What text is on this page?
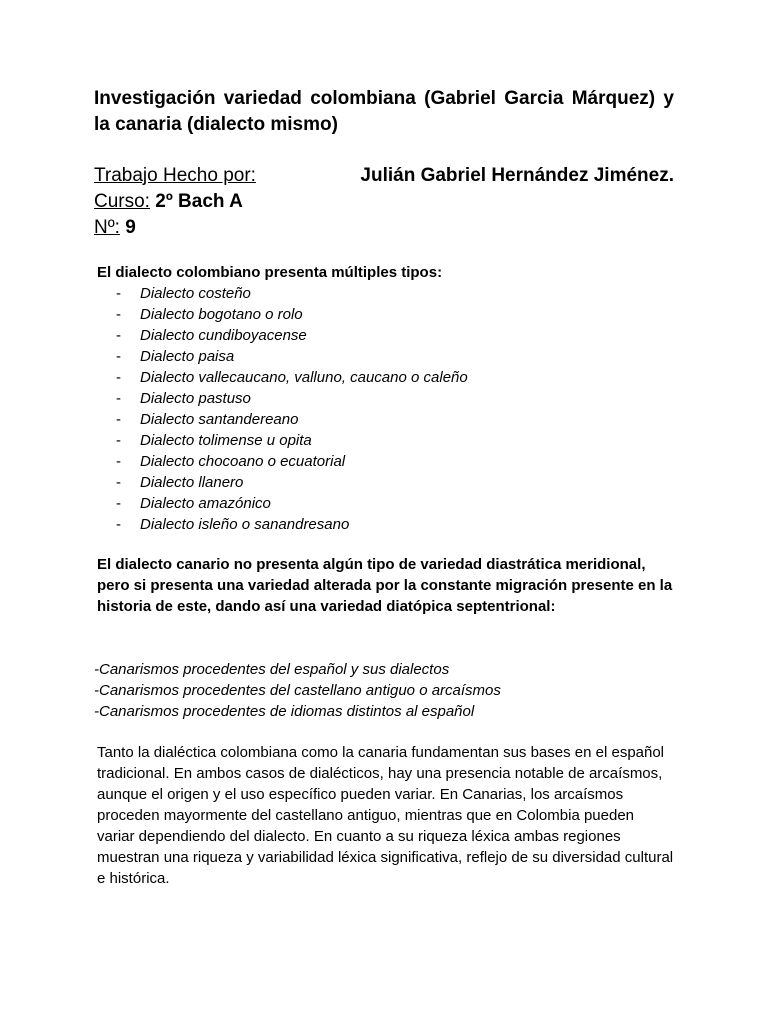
Investigación variedad colombiana (Gabriel Garcia Márquez) y la canaria (dialecto mismo)

Trabajo Hecho por:	Julián Gabriel Hernández Jiménez.
Curso: 2º Bach A
Nº: 9
El dialecto colombiano presenta múltiples tipos:
- Dialecto costeño
- Dialecto bogotano o rolo
- Dialecto cundiboyacense
- Dialecto paisa
- Dialecto vallecaucano, valluno, caucano o caleño
- Dialecto pastuso
- Dialecto santandereano
- Dialecto tolimense u opita
- Dialecto chocoano o ecuatorial
- Dialecto llanero
- Dialecto amazónico
- Dialecto isleño o sanandresano

El dialecto canario no presenta algún tipo de variedad diastrática meridional, pero si presenta una variedad alterada por la constante migración presente en la historia de este, dando así una variedad diatópica septentrional:

-Canarismos procedentes del español y sus dialectos
-Canarismos procedentes del castellano antiguo o arcaísmos
-Canarismos procedentes de idiomas distintos al español

Tanto la dialéctica colombiana como la canaria fundamentan sus bases en el español tradicional. En ambos casos de dialécticos, hay una presencia notable de arcaísmos, aunque el origen y el uso específico pueden variar. En Canarias, los arcaísmos proceden mayormente del castellano antiguo, mientras que en Colombia pueden variar dependiendo del dialecto. En cuanto a su riqueza léxica ambas regiones muestran una riqueza y variabilidad léxica significativa, reflejo de su diversidad cultural e histórica.
